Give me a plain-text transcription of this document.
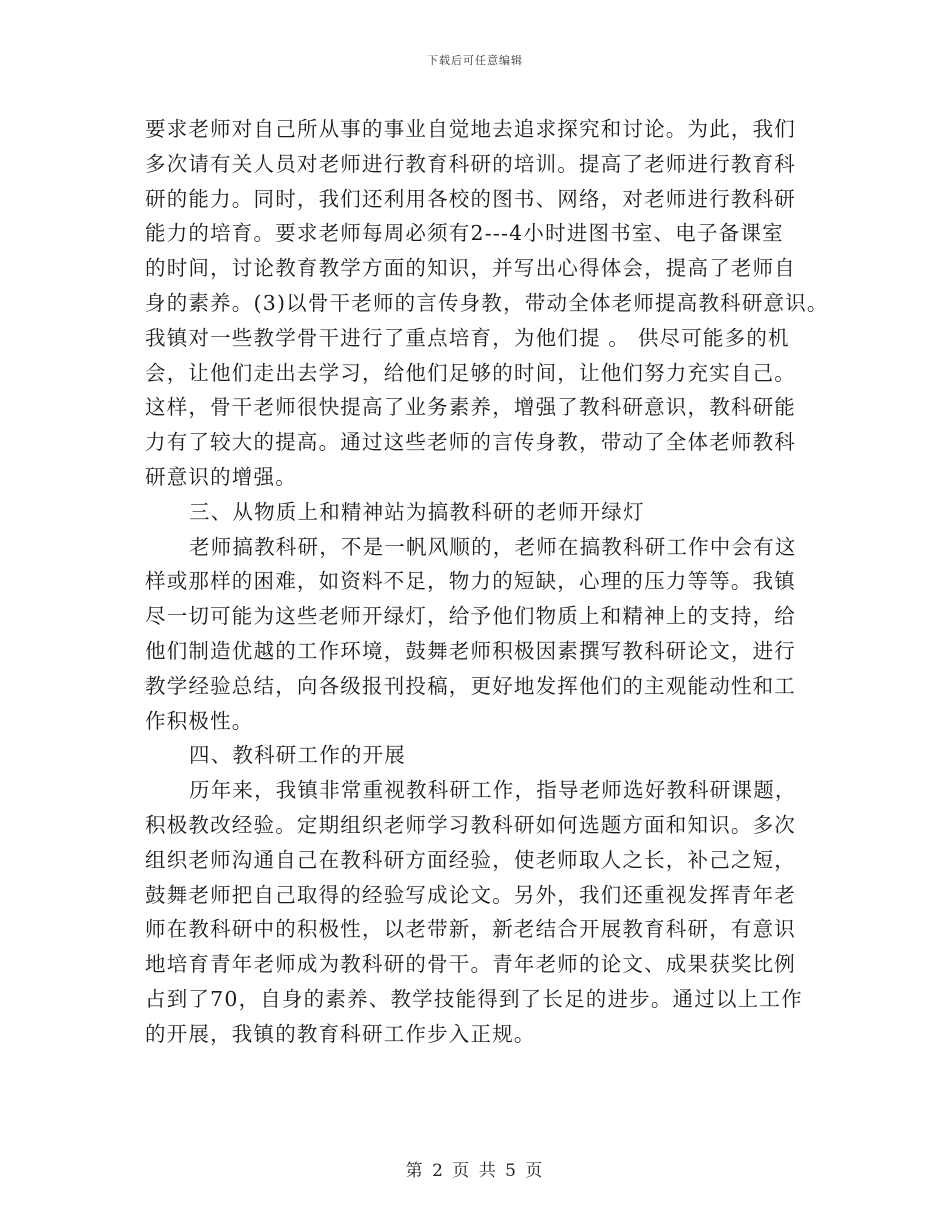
下载后可任意编辑
要求老师对自己所从事的事业自觉地去追求探究和讨论。为此，我们
多次请有关人员对老师进行教育科研的培训。提高了老师进行教育科
研的能力。同时，我们还利用各校的图书、网络，对老师进行教科研
能力的培育。要求老师每周必须有2---4小时进图书室、电子备课室
的时间，讨论教育教学方面的知识，并写出心得体会，提高了老师自
身的素养。(3)以骨干老师的言传身教，带动全体老师提高教科研意识。
我镇对一些教学骨干进行了重点培育，为他们提 。 供尽可能多的机
会，让他们走出去学习，给他们足够的时间，让他们努力充实自己。
这样，骨干老师很快提高了业务素养，增强了教科研意识，教科研能
力有了较大的提高。通过这些老师的言传身教，带动了全体老师教科
研意识的增强。
三、从物质上和精神站为搞教科研的老师开绿灯
老师搞教科研，不是一帆风顺的，老师在搞教科研工作中会有这
样或那样的困难，如资料不足，物力的短缺，心理的压力等等。我镇
尽一切可能为这些老师开绿灯，给予他们物质上和精神上的支持，给
他们制造优越的工作环境，鼓舞老师积极因素撰写教科研论文，进行
教学经验总结，向各级报刊投稿，更好地发挥他们的主观能动性和工
作积极性。
四、教科研工作的开展
历年来，我镇非常重视教科研工作，指导老师选好教科研课题，
积极教改经验。定期组织老师学习教科研如何选题方面和知识。多次
组织老师沟通自己在教科研方面经验，使老师取人之长，补己之短，
鼓舞老师把自己取得的经验写成论文。另外，我们还重视发挥青年老
师在教科研中的积极性，以老带新，新老结合开展教育科研，有意识
地培育青年老师成为教科研的骨干。青年老师的论文、成果获奖比例
占到了70，自身的素养、教学技能得到了长足的进步。通过以上工作
的开展，我镇的教育科研工作步入正规。
第 2 页 共 5 页
